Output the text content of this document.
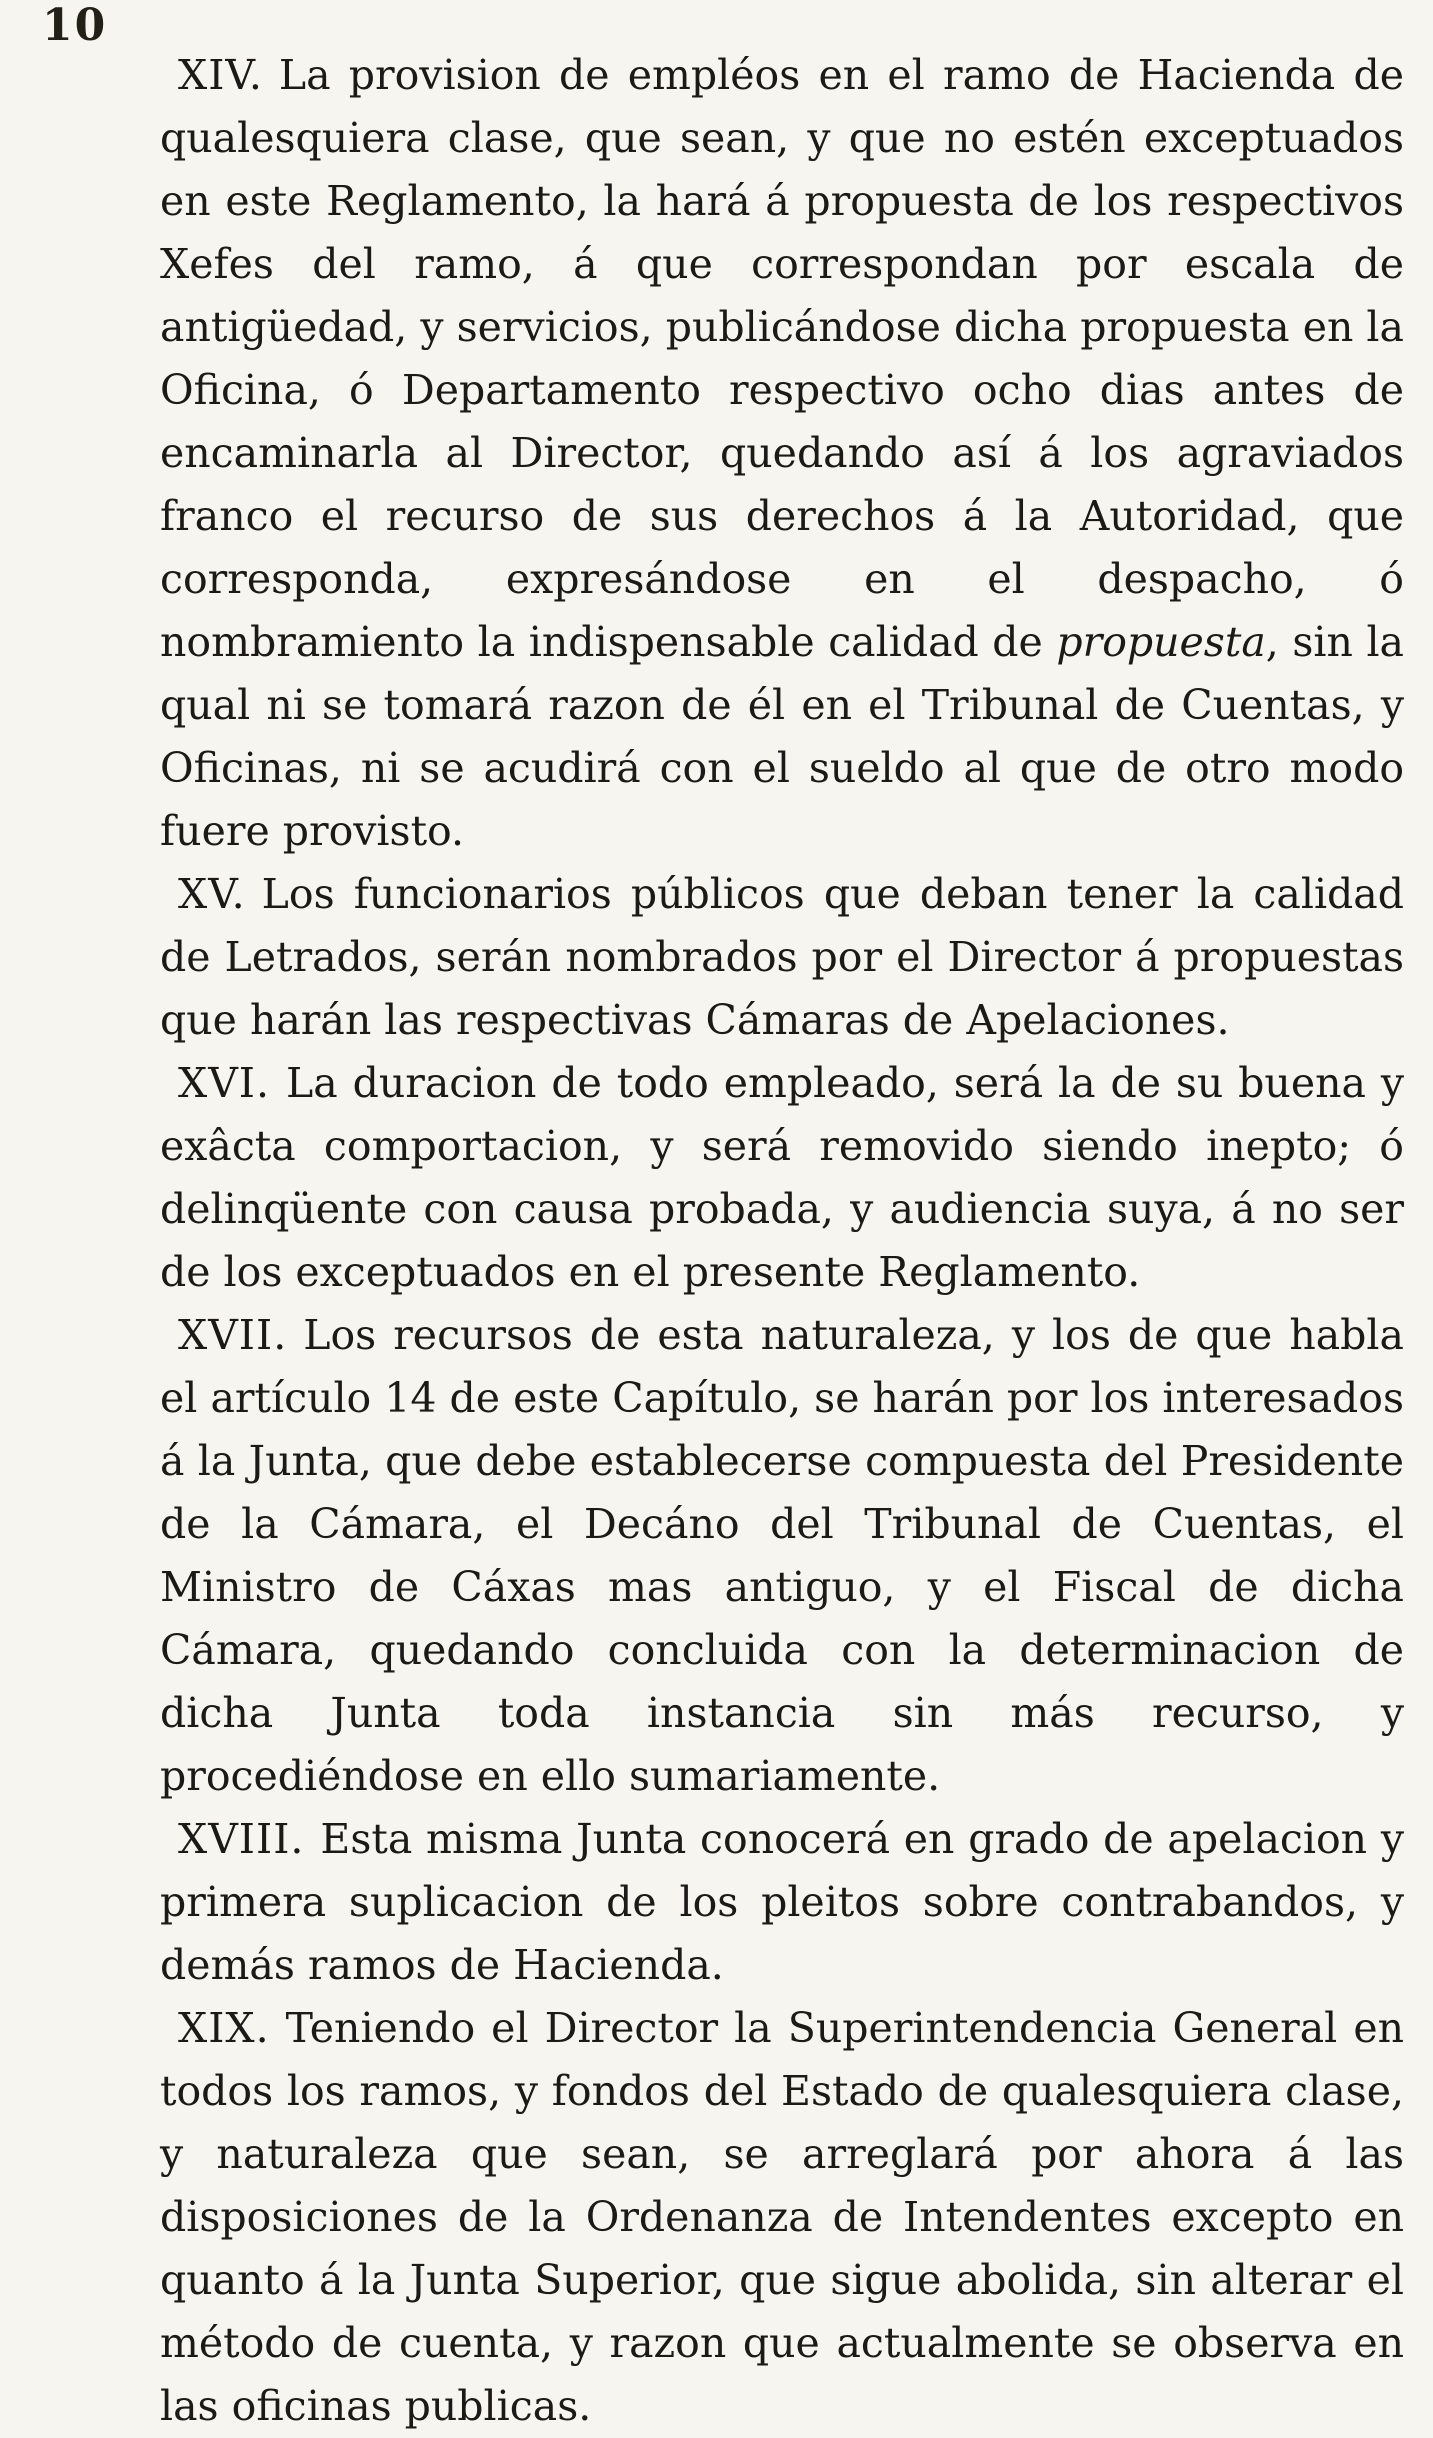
10

XIV. La provision de empléos en el ramo de Hacienda de qualesquiera clase, que sean, y que no estén exceptuados en este Reglamento, la hará á propuesta de los respectivos Xefes del ramo, á que correspondan por escala de antigüedad, y servicios, publicándose dicha propuesta en la Oficina, ó Departamento respectivo ocho dias antes de encaminarla al Director, quedando así á los agraviados franco el recurso de sus derechos á la Autoridad, que corresponda, expresándose en el despacho, ó nombramiento la indispensable calidad de propuesta, sin la qual ni se tomará razon de él en el Tribunal de Cuentas, y Oficinas, ni se acudirá con el sueldo al que de otro modo fuere provisto.

XV. Los funcionarios públicos que deban tener la calidad de Letrados, serán nombrados por el Director á propuestas que harán las respectivas Cámaras de Apelaciones.

XVI. La duracion de todo empleado, será la de su buena y exâcta comportacion, y será removido siendo inepto; ó delinqüente con causa probada, y audiencia suya, á no ser de los exceptuados en el presente Reglamento.

XVII. Los recursos de esta naturaleza, y los de que habla el artículo 14 de este Capítulo, se harán por los interesados á la Junta, que debe establecerse compuesta del Presidente de la Cámara, el Decáno del Tribunal de Cuentas, el Ministro de Cáxas mas antiguo, y el Fiscal de dicha Cámara, quedando concluida con la determinacion de dicha Junta toda instancia sin más recurso, y procediéndose en ello sumariamente.

XVIII. Esta misma Junta conocerá en grado de apelacion y primera suplicacion de los pleitos sobre contrabandos, y demás ramos de Hacienda.

XIX. Teniendo el Director la Superintendencia General en todos los ramos, y fondos del Estado de qualesquiera clase, y naturaleza que sean, se arreglará por ahora á las disposiciones de la Ordenanza de Intendentes excepto en quanto á la Junta Superior, que sigue abolida, sin alterar el método de cuenta, y razon que actualmente se observa en las oficinas publicas.
